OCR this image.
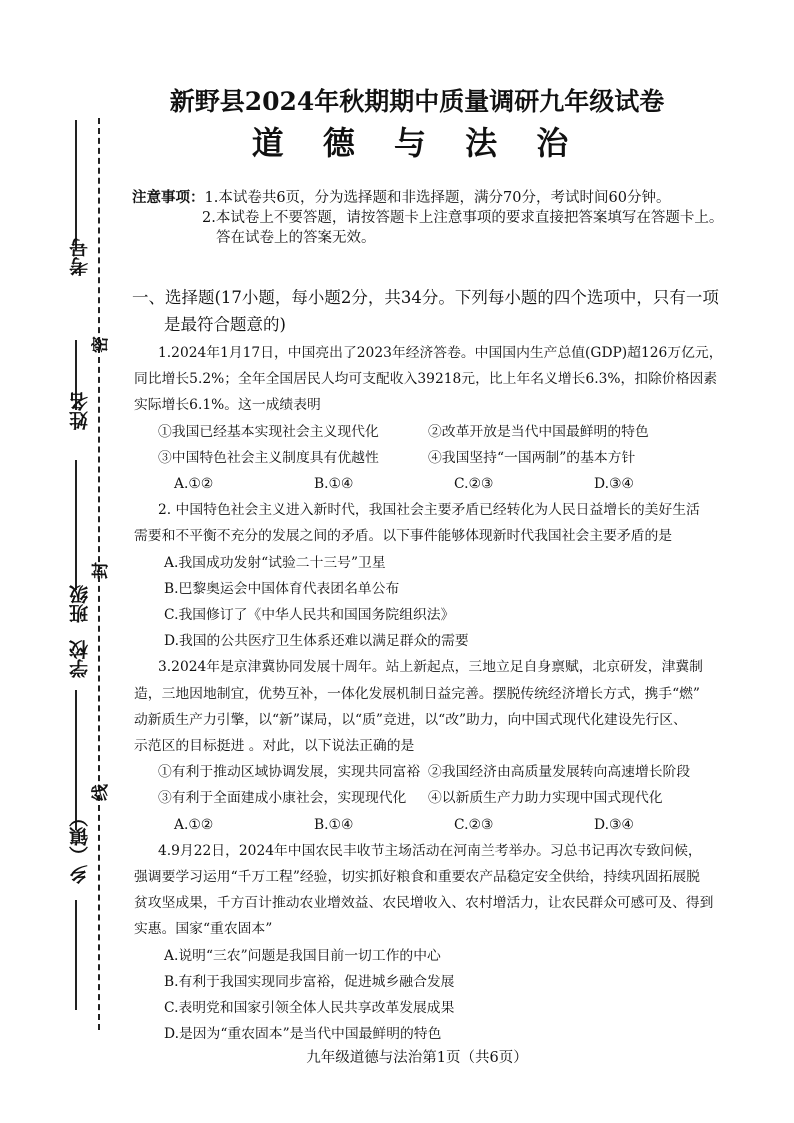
考号
姓名
班级
学校
乡（镇）
密
封
线
新野县2024年秋期期中质量调研九年级试卷
道 德 与 法 治
注意事项：1.本试卷共6页，分为选择题和非选择题，满分70分，考试时间60分钟。
2.本试卷上不要答题，请按答题卡上注意事项的要求直接把答案填写在答题卡上。
答在试卷上的答案无效。
一、选择题(17小题，每小题2分，共34分。下列每小题的四个选项中，只有一项
是最符合题意的)

1.2024年1月17日，中国亮出了2023年经济答卷。中国国内生产总值(GDP)超126万亿元，

同比增长5.2%；全年全国居民人均可支配收入39218元，比上年名义增长6.3%，扣除价格因素

实际增长6.1%。这一成绩表明

①我国已经基本实现社会主义现代化	②改革开放是当代中国最鲜明的特色
③中国特色社会主义制度具有优越性	④我国坚持“一国两制”的基本方针
A.①②	B.①④	C.②③	D.③④

2. 中国特色社会主义进入新时代，我国社会主要矛盾已经转化为人民日益增长的美好生活

需要和不平衡不充分的发展之间的矛盾。以下事件能够体现新时代我国社会主要矛盾的是

A.我国成功发射“试验二十三号”卫星
B.巴黎奥运会中国体育代表团名单公布
C.我国修订了《中华人民共和国国务院组织法》
D.我国的公共医疗卫生体系还难以满足群众的需要

3.2024年是京津冀协同发展十周年。站上新起点，三地立足自身禀赋，北京研发，津冀制

造，三地因地制宜，优势互补，一体化发展机制日益完善。摆脱传统经济增长方式，携手“燃”

动新质生产力引擎，以“新”谋局，以“质”竞进，以“改”助力，向中国式现代化建设先行区、

示范区的目标挺进 。对此，以下说法正确的是

①有利于推动区域协调发展，实现共同富裕 ②我国经济由高质量发展转向高速增长阶段
③有利于全面建成小康社会，实现现代化	④以新质生产力助力实现中国式现代化
A.①②	B.①④	C.②③	D.③④

4.9月22日，2024年中国农民丰收节主场活动在河南兰考举办。习总书记再次专致问候，

强调要学习运用“千万工程”经验，切实抓好粮食和重要农产品稳定安全供给，持续巩固拓展脱

贫攻坚成果，千方百计推动农业增效益、农民增收入、农村增活力，让农民群众可感可及、得到

实惠。国家“重农固本”

A.说明“三农”问题是我国目前一切工作的中心
B.有利于我国实现同步富裕，促进城乡融合发展
C.表明党和国家引领全体人民共享改革发展成果
D.是因为“重农固本”是当代中国最鲜明的特色
九年级道德与法治第1页（共6页）
